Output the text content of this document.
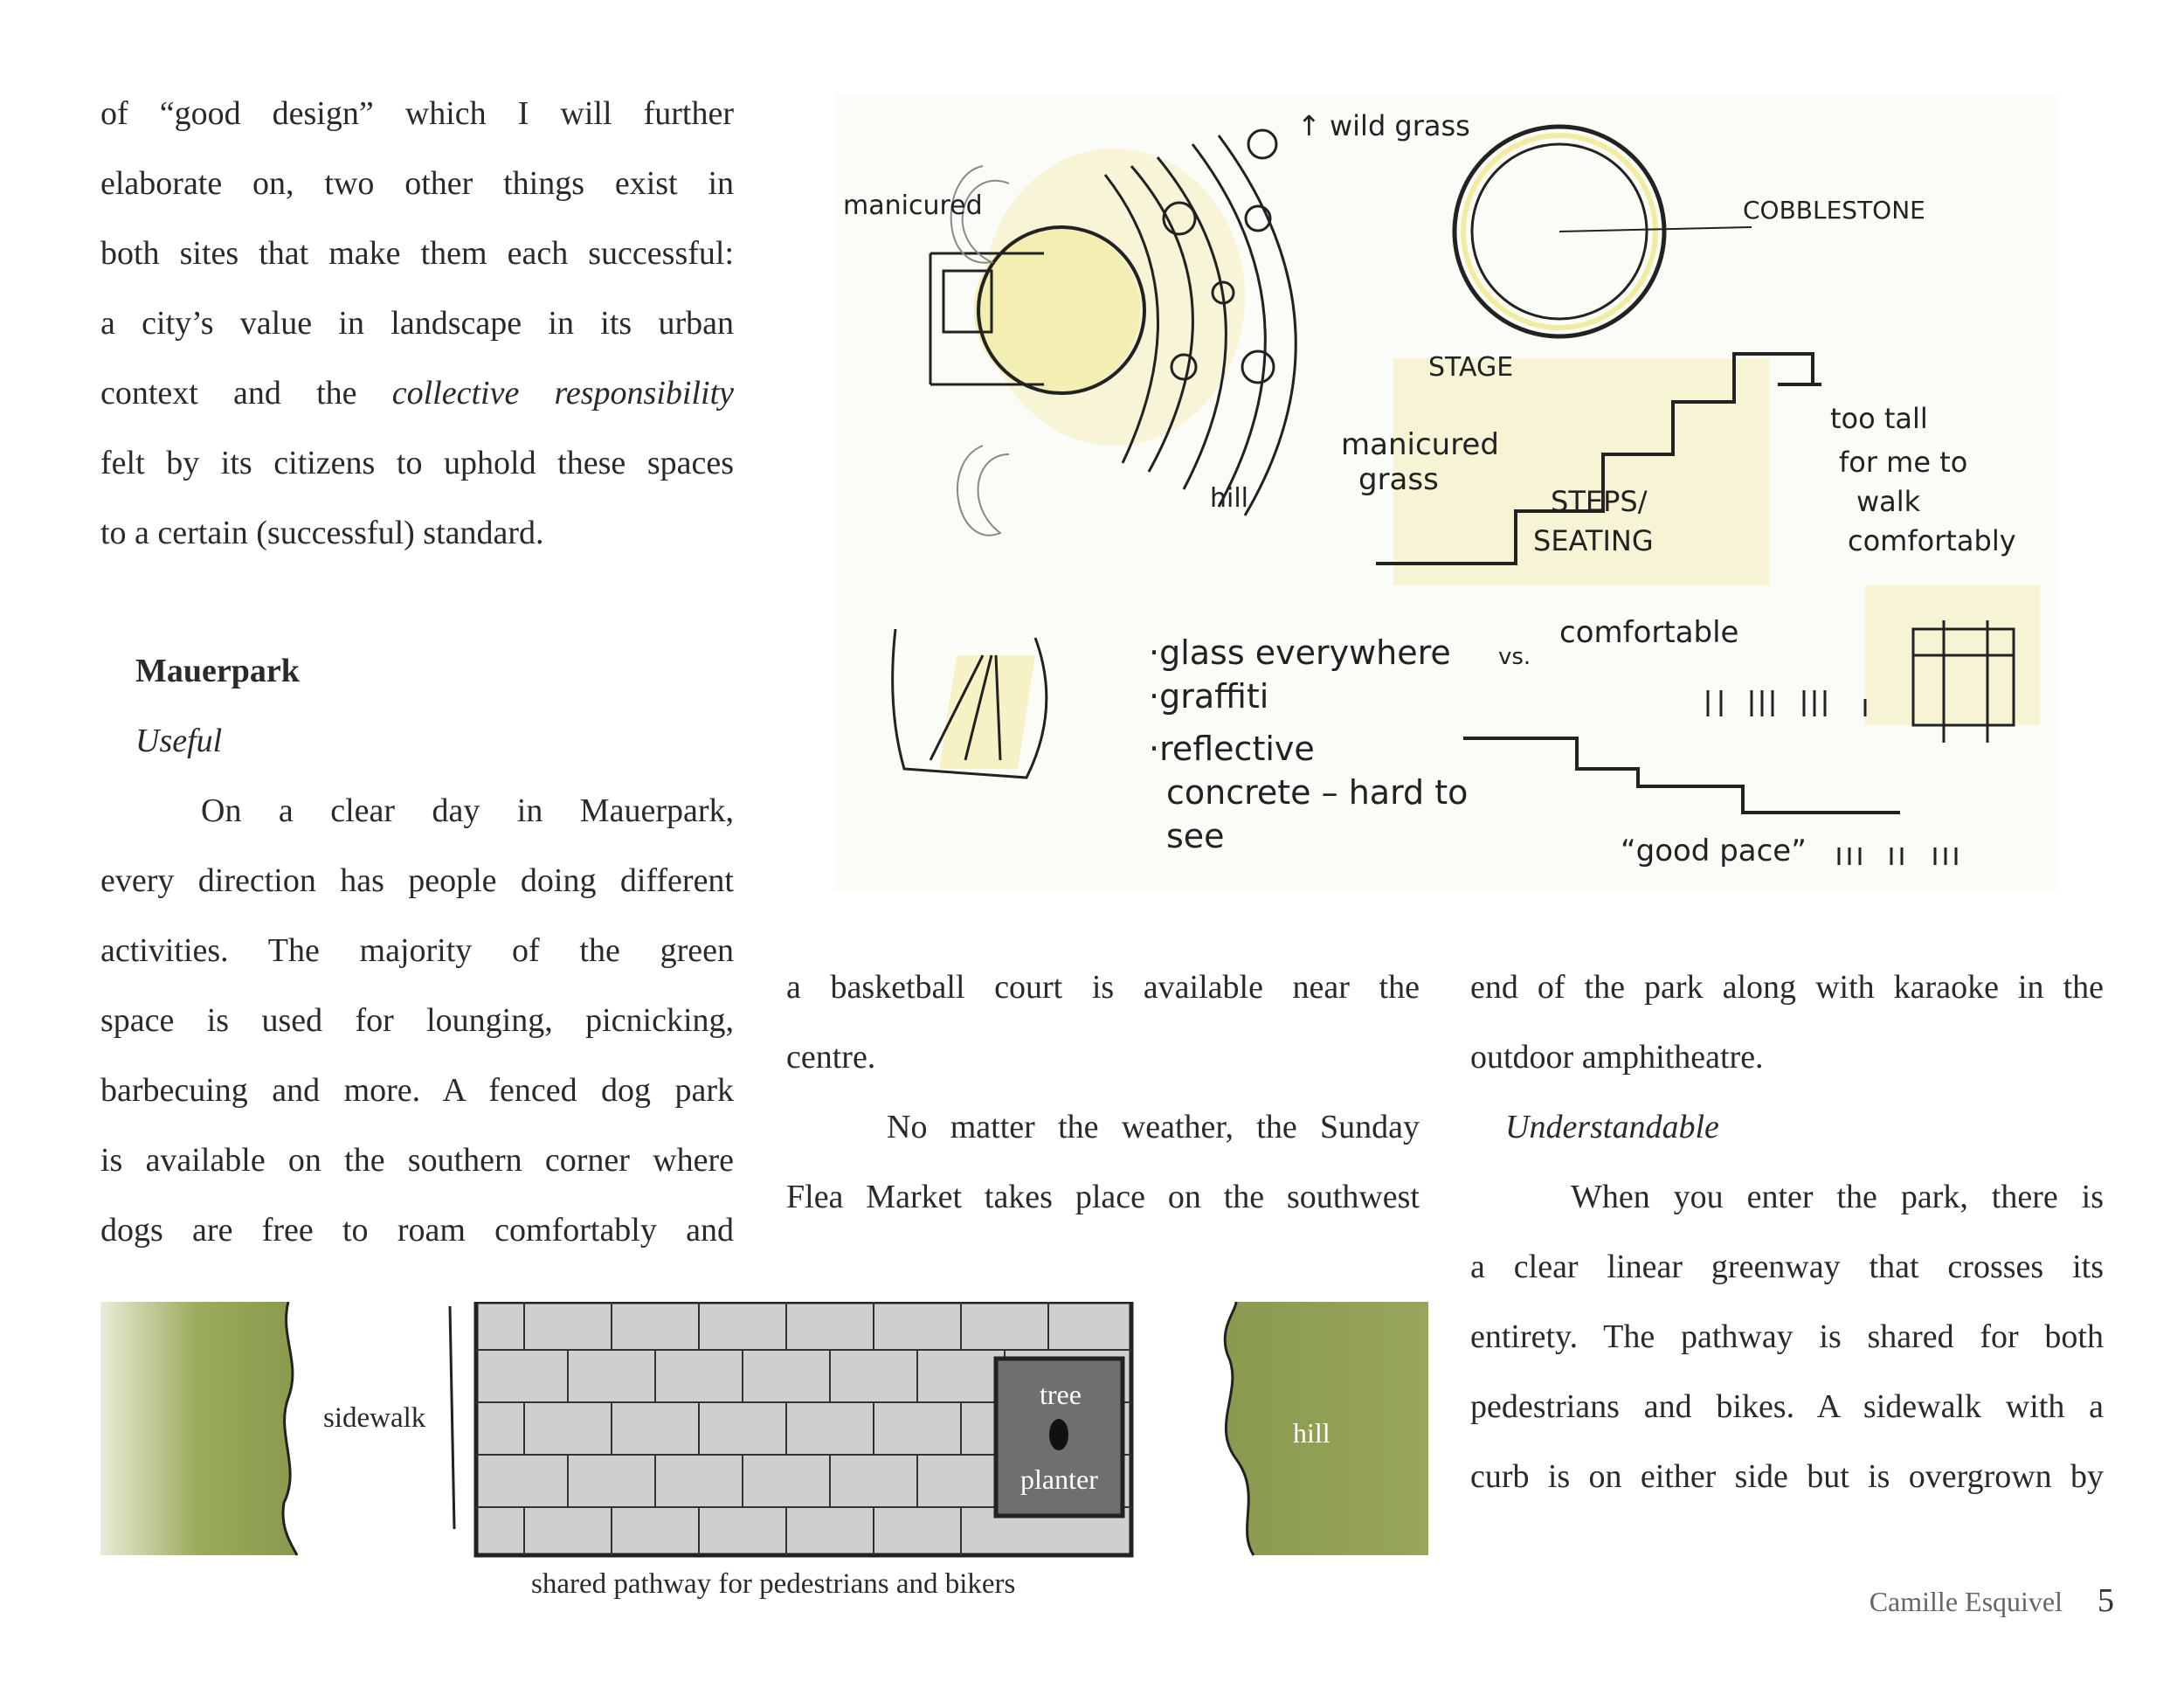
of “good design” which I will further

elaborate on, two other things exist in

both sites that make them each successful:

a city’s value in landscape in its urban

context and the collective responsibility

felt by its citizens to uphold these spaces

to a certain (successful) standard.

Mauerpark
Useful

On a clear day in Mauerpark,

every direction has people doing different

activities. The majority of the green

space is used for lounging, picnicking,

barbecuing and more. A fenced dog park

is available on the southern corner where

dogs are free to roam comfortably and

a basketball court is available near the

centre.

No matter the weather, the Sunday

Flea Market takes place on the southwest

end of the park along with karaoke in the

outdoor amphitheatre.

Understandable

When you enter the park, there is

a clear linear greenway that crosses its

entirety. The pathway is shared for both

pedestrians and bikes. A sidewalk with a

curb is on either side but is overgrown by

manicured
↑ wild grass
COBBLESTONE
STAGE
manicured
grass
hill	STEPS/
SEATING
too tall
for me to
walk
comfortably
·glass everywhere
·graffiti
·reflective
concrete – hard to
see
vs.
comfortable
“good pace”
sidewalk
tree
planter
hill
shared pathway for pedestrians and bikers
Camille Esquivel 5
